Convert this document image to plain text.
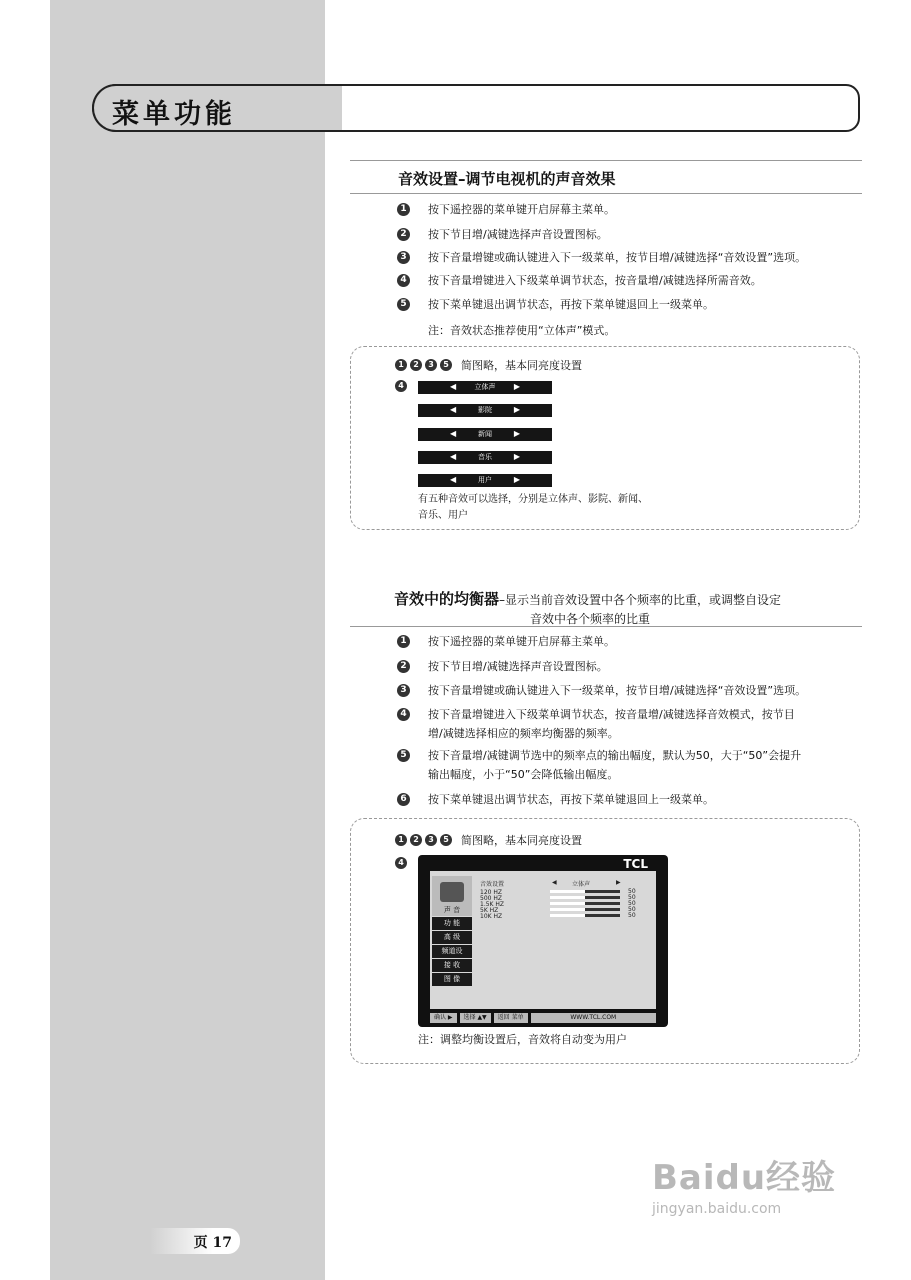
菜单功能
音效设置–调节电视机的声音效果
1	按下遥控器的菜单键开启屏幕主菜单。
2	按下节目增/减键选择声音设置图标。
3	按下音量增键或确认键进入下一级菜单，按节目增/减键选择“音效设置”选项。
4	按下音量增键进入下级菜单调节状态，按音量增/减键选择所需音效。
5	按下菜单键退出调节状态，再按下菜单键退回上一级菜单。
注：音效状态推荐使用“立体声”模式。
1	2	3	5 简图略，基本同亮度设置
4	◀	立体声	▶
◀	影院	▶
◀	新闻	▶
◀	音乐	▶
◀	用户	▶
有五种音效可以选择，分别是立体声、影院、新闻、
音乐、用户
音效中的均衡器–显示当前音效设置中各个频率的比重，或调整自设定
音效中各个频率的比重
1	按下遥控器的菜单键开启屏幕主菜单。
2	按下节目增/减键选择声音设置图标。
3	按下音量增键或确认键进入下一级菜单，按节目增/减键选择“音效设置”选项。
4	按下音量增键进入下级菜单调节状态，按音量增/减键选择音效模式，按节目
增/减键选择相应的频率均衡器的频率。
5	按下音量增/减键调节选中的频率点的输出幅度，默认为50，大于“50”会提升
输出幅度，小于“50”会降低输出幅度。
6	按下菜单键退出调节状态，再按下菜单键退回上一级菜单。
1	2	3	5 简图略，基本同亮度设置
4	TCL
声 音
功 能
高 级
频道设
接 收
图 像
音效设置	◀	立体声	▶
120 HZ	50
500 HZ	50
1.5K HZ	50
5K HZ	50
10K HZ	50
确认 ▶	选择 ▲▼	返回 菜单	WWW.TCL.COM
注：调整均衡设置后，音效将自动变为用户
页 17
Baidu经验
jingyan.baidu.com
